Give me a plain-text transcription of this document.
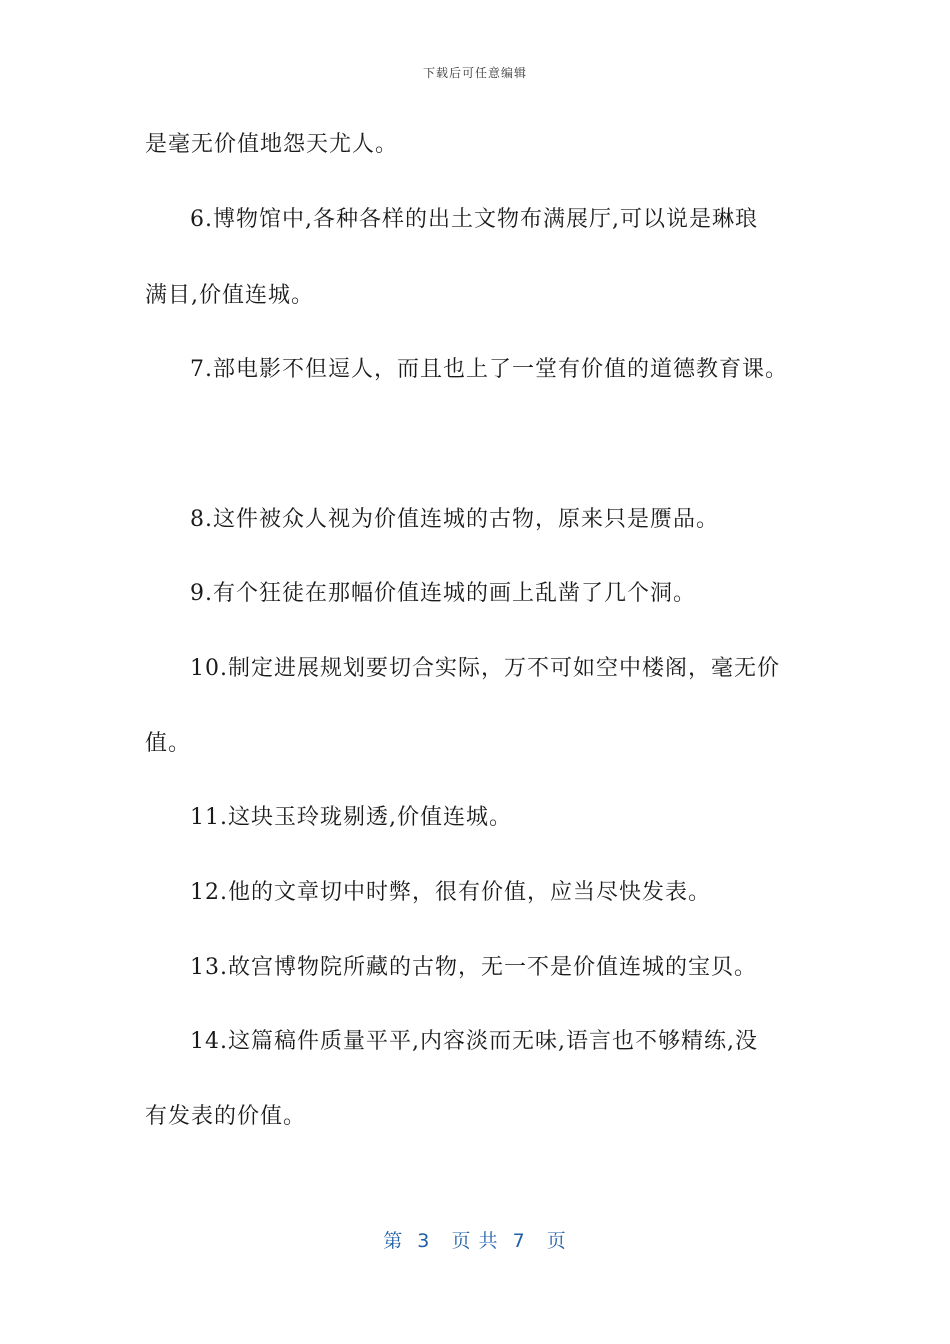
下载后可任意编辑
是毫无价值地怨天尤人。
6.博物馆中,各种各样的出土文物布满展厅,可以说是琳琅
满目,价值连城。
7.部电影不但逗人，而且也上了一堂有价值的道德教育课。
8.这件被众人视为价值连城的古物，原来只是赝品。
9.有个狂徒在那幅价值连城的画上乱凿了几个洞。
10.制定进展规划要切合实际，万不可如空中楼阁，毫无价
值。
11.这块玉玲珑剔透,价值连城。
12.他的文章切中时弊，很有价值，应当尽快发表。
13.故宫博物院所藏的古物，无一不是价值连城的宝贝。
14.这篇稿件质量平平,内容淡而无味,语言也不够精练,没
有发表的价值。
第  3   页 共  7   页
